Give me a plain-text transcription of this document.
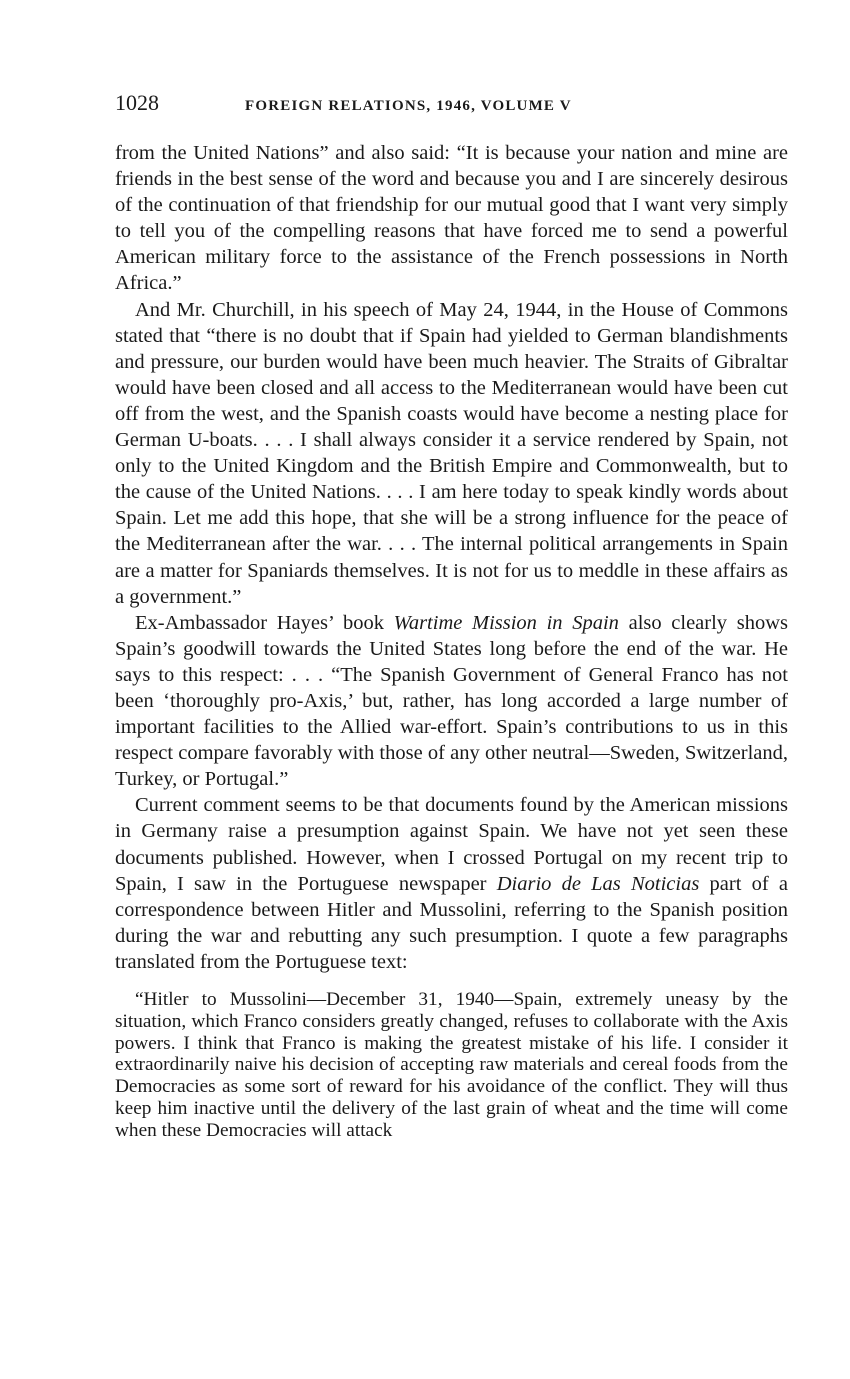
1028	FOREIGN RELATIONS, 1946, VOLUME V

from the United Nations” and also said: “It is because your nation and mine are friends in the best sense of the word and because you and I are sincerely desirous of the continuation of that friendship for our mutual good that I want very simply to tell you of the compelling reasons that have forced me to send a powerful American military force to the assistance of the French possessions in North Africa.”

And Mr. Churchill, in his speech of May 24, 1944, in the House of Commons stated that “there is no doubt that if Spain had yielded to German blandishments and pressure, our burden would have been much heavier. The Straits of Gibraltar would have been closed and all access to the Mediterranean would have been cut off from the west, and the Spanish coasts would have become a nesting place for German U-boats. . . . I shall always consider it a service rendered by Spain, not only to the United Kingdom and the British Empire and Commonwealth, but to the cause of the United Nations. . . . I am here today to speak kindly words about Spain. Let me add this hope, that she will be a strong influence for the peace of the Mediterranean after the war. . . . The internal political arrangements in Spain are a matter for Spaniards themselves. It is not for us to meddle in these affairs as a government.”

Ex-Ambassador Hayes’ book Wartime Mission in Spain also clearly shows Spain’s goodwill towards the United States long before the end of the war. He says to this respect: . . . “The Spanish Government of General Franco has not been ‘thoroughly pro-Axis,’ but, rather, has long accorded a large number of important facilities to the Allied war-effort. Spain’s contributions to us in this respect compare favorably with those of any other neutral—Sweden, Switzerland, Turkey, or Portugal.”

Current comment seems to be that documents found by the American missions in Germany raise a presumption against Spain. We have not yet seen these documents published. However, when I crossed Portugal on my recent trip to Spain, I saw in the Portuguese newspaper Diario de Las Noticias part of a correspondence between Hitler and Mussolini, referring to the Spanish position during the war and rebutting any such presumption. I quote a few paragraphs translated from the Portuguese text:

“Hitler to Mussolini—December 31, 1940—Spain, extremely uneasy by the situation, which Franco considers greatly changed, refuses to collaborate with the Axis powers. I think that Franco is making the greatest mistake of his life. I consider it extraordinarily naive his decision of accepting raw materials and cereal foods from the Democracies as some sort of reward for his avoidance of the conflict. They will thus keep him inactive until the delivery of the last grain of wheat and the time will come when these Democracies will attack
